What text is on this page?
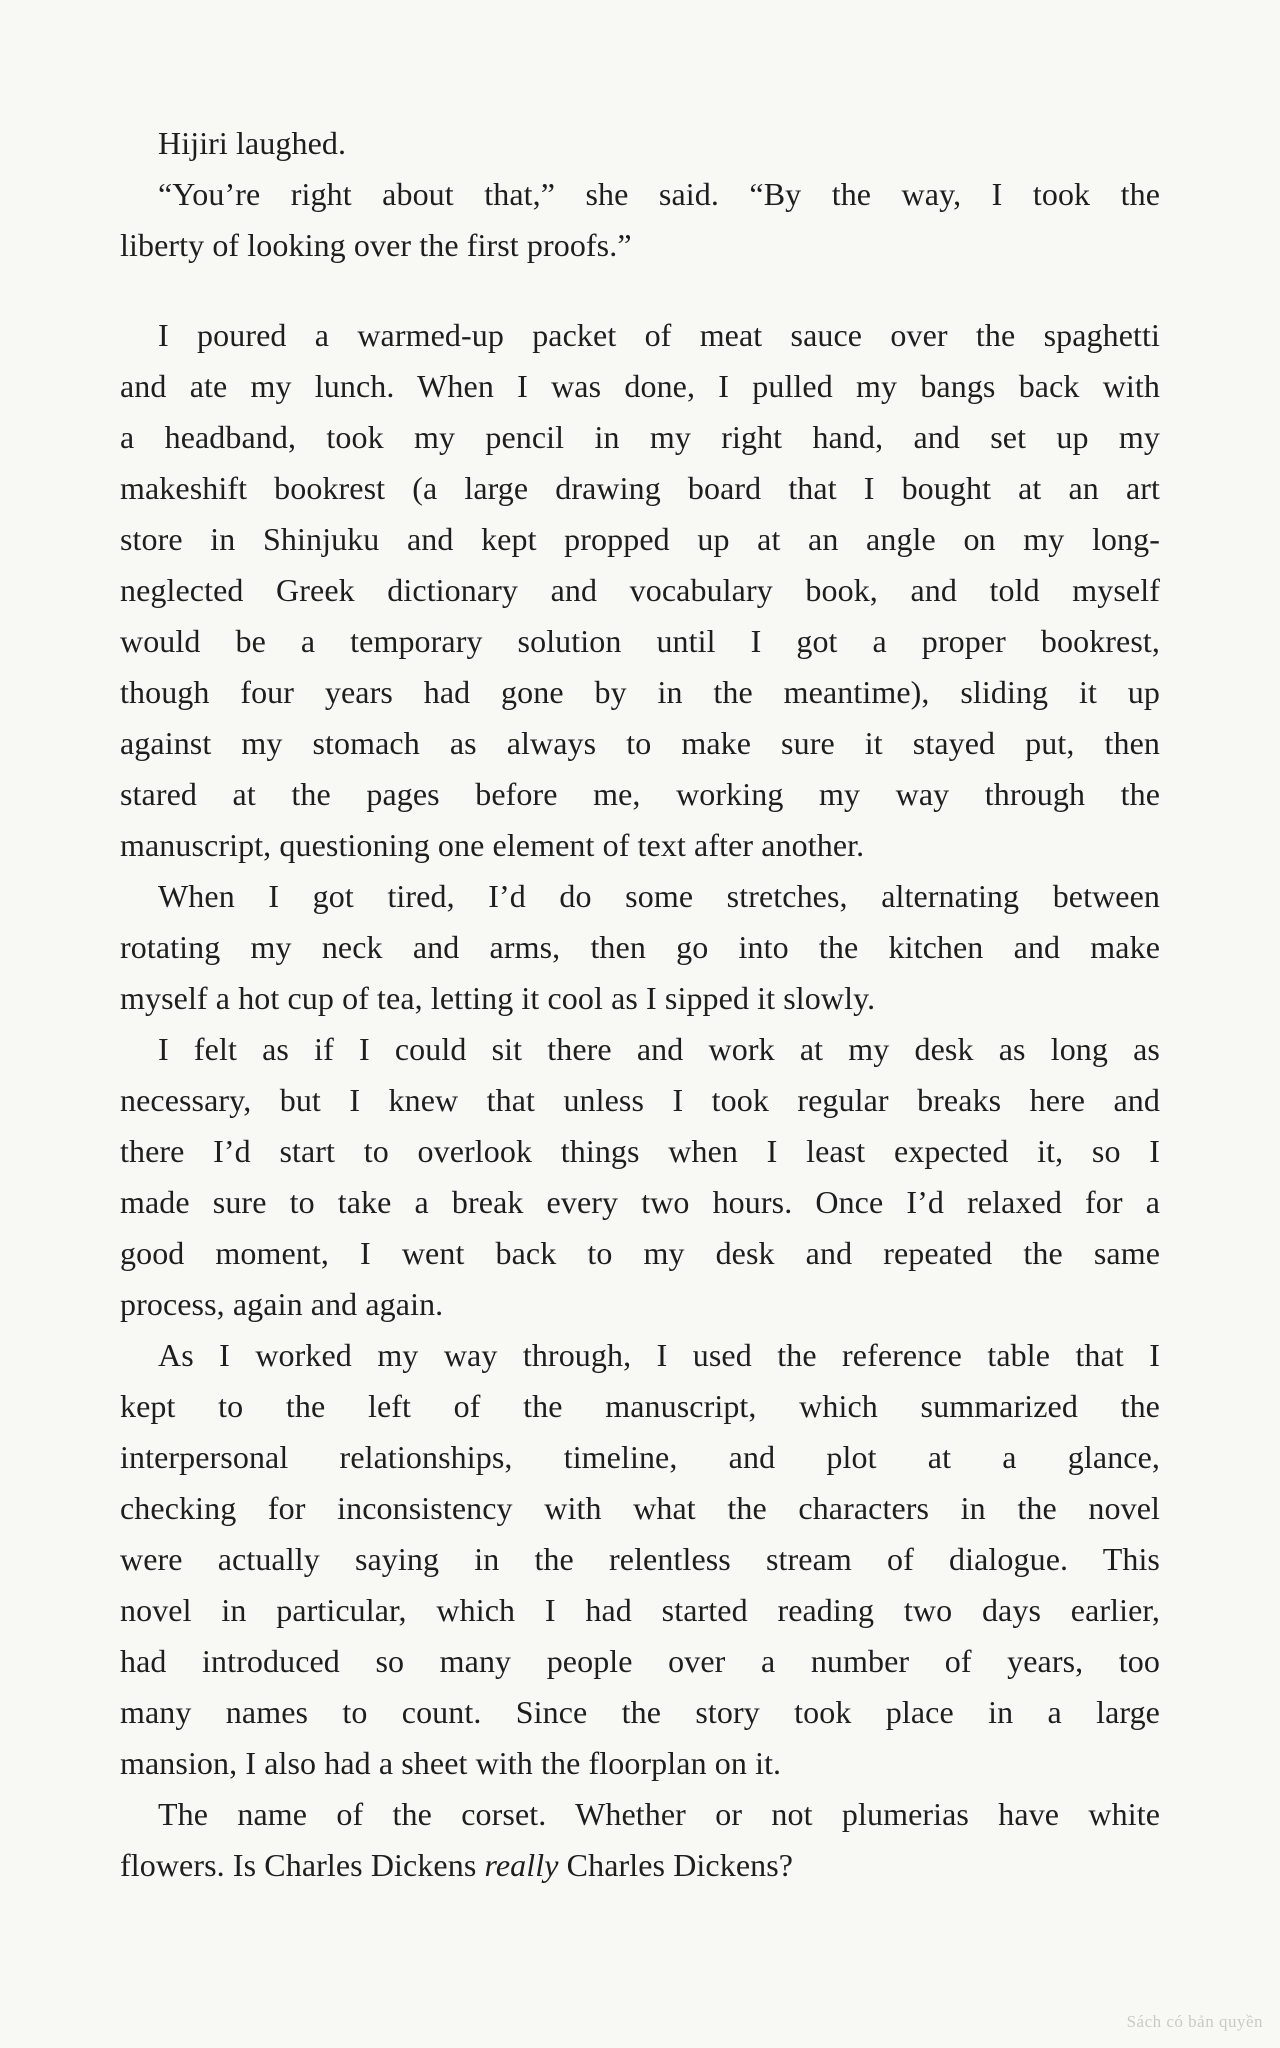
Hijiri laughed.
“You’re right about that,” she said. “By the way, I took the
liberty of looking over the first proofs.”
I poured a warmed-up packet of meat sauce over the spaghetti
and ate my lunch. When I was done, I pulled my bangs back with
a headband, took my pencil in my right hand, and set up my
makeshift bookrest (a large drawing board that I bought at an art
store in Shinjuku and kept propped up at an angle on my long-
neglected Greek dictionary and vocabulary book, and told myself
would be a temporary solution until I got a proper bookrest,
though four years had gone by in the meantime), sliding it up
against my stomach as always to make sure it stayed put, then
stared at the pages before me, working my way through the
manuscript, questioning one element of text after another.
When I got tired, I’d do some stretches, alternating between
rotating my neck and arms, then go into the kitchen and make
myself a hot cup of tea, letting it cool as I sipped it slowly.
I felt as if I could sit there and work at my desk as long as
necessary, but I knew that unless I took regular breaks here and
there I’d start to overlook things when I least expected it, so I
made sure to take a break every two hours. Once I’d relaxed for a
good moment, I went back to my desk and repeated the same
process, again and again.
As I worked my way through, I used the reference table that I
kept to the left of the manuscript, which summarized the
interpersonal relationships, timeline, and plot at a glance,
checking for inconsistency with what the characters in the novel
were actually saying in the relentless stream of dialogue. This
novel in particular, which I had started reading two days earlier,
had introduced so many people over a number of years, too
many names to count. Since the story took place in a large
mansion, I also had a sheet with the floorplan on it.
The name of the corset. Whether or not plumerias have white
flowers. Is Charles Dickens really Charles Dickens?
Sách có bản quyền
